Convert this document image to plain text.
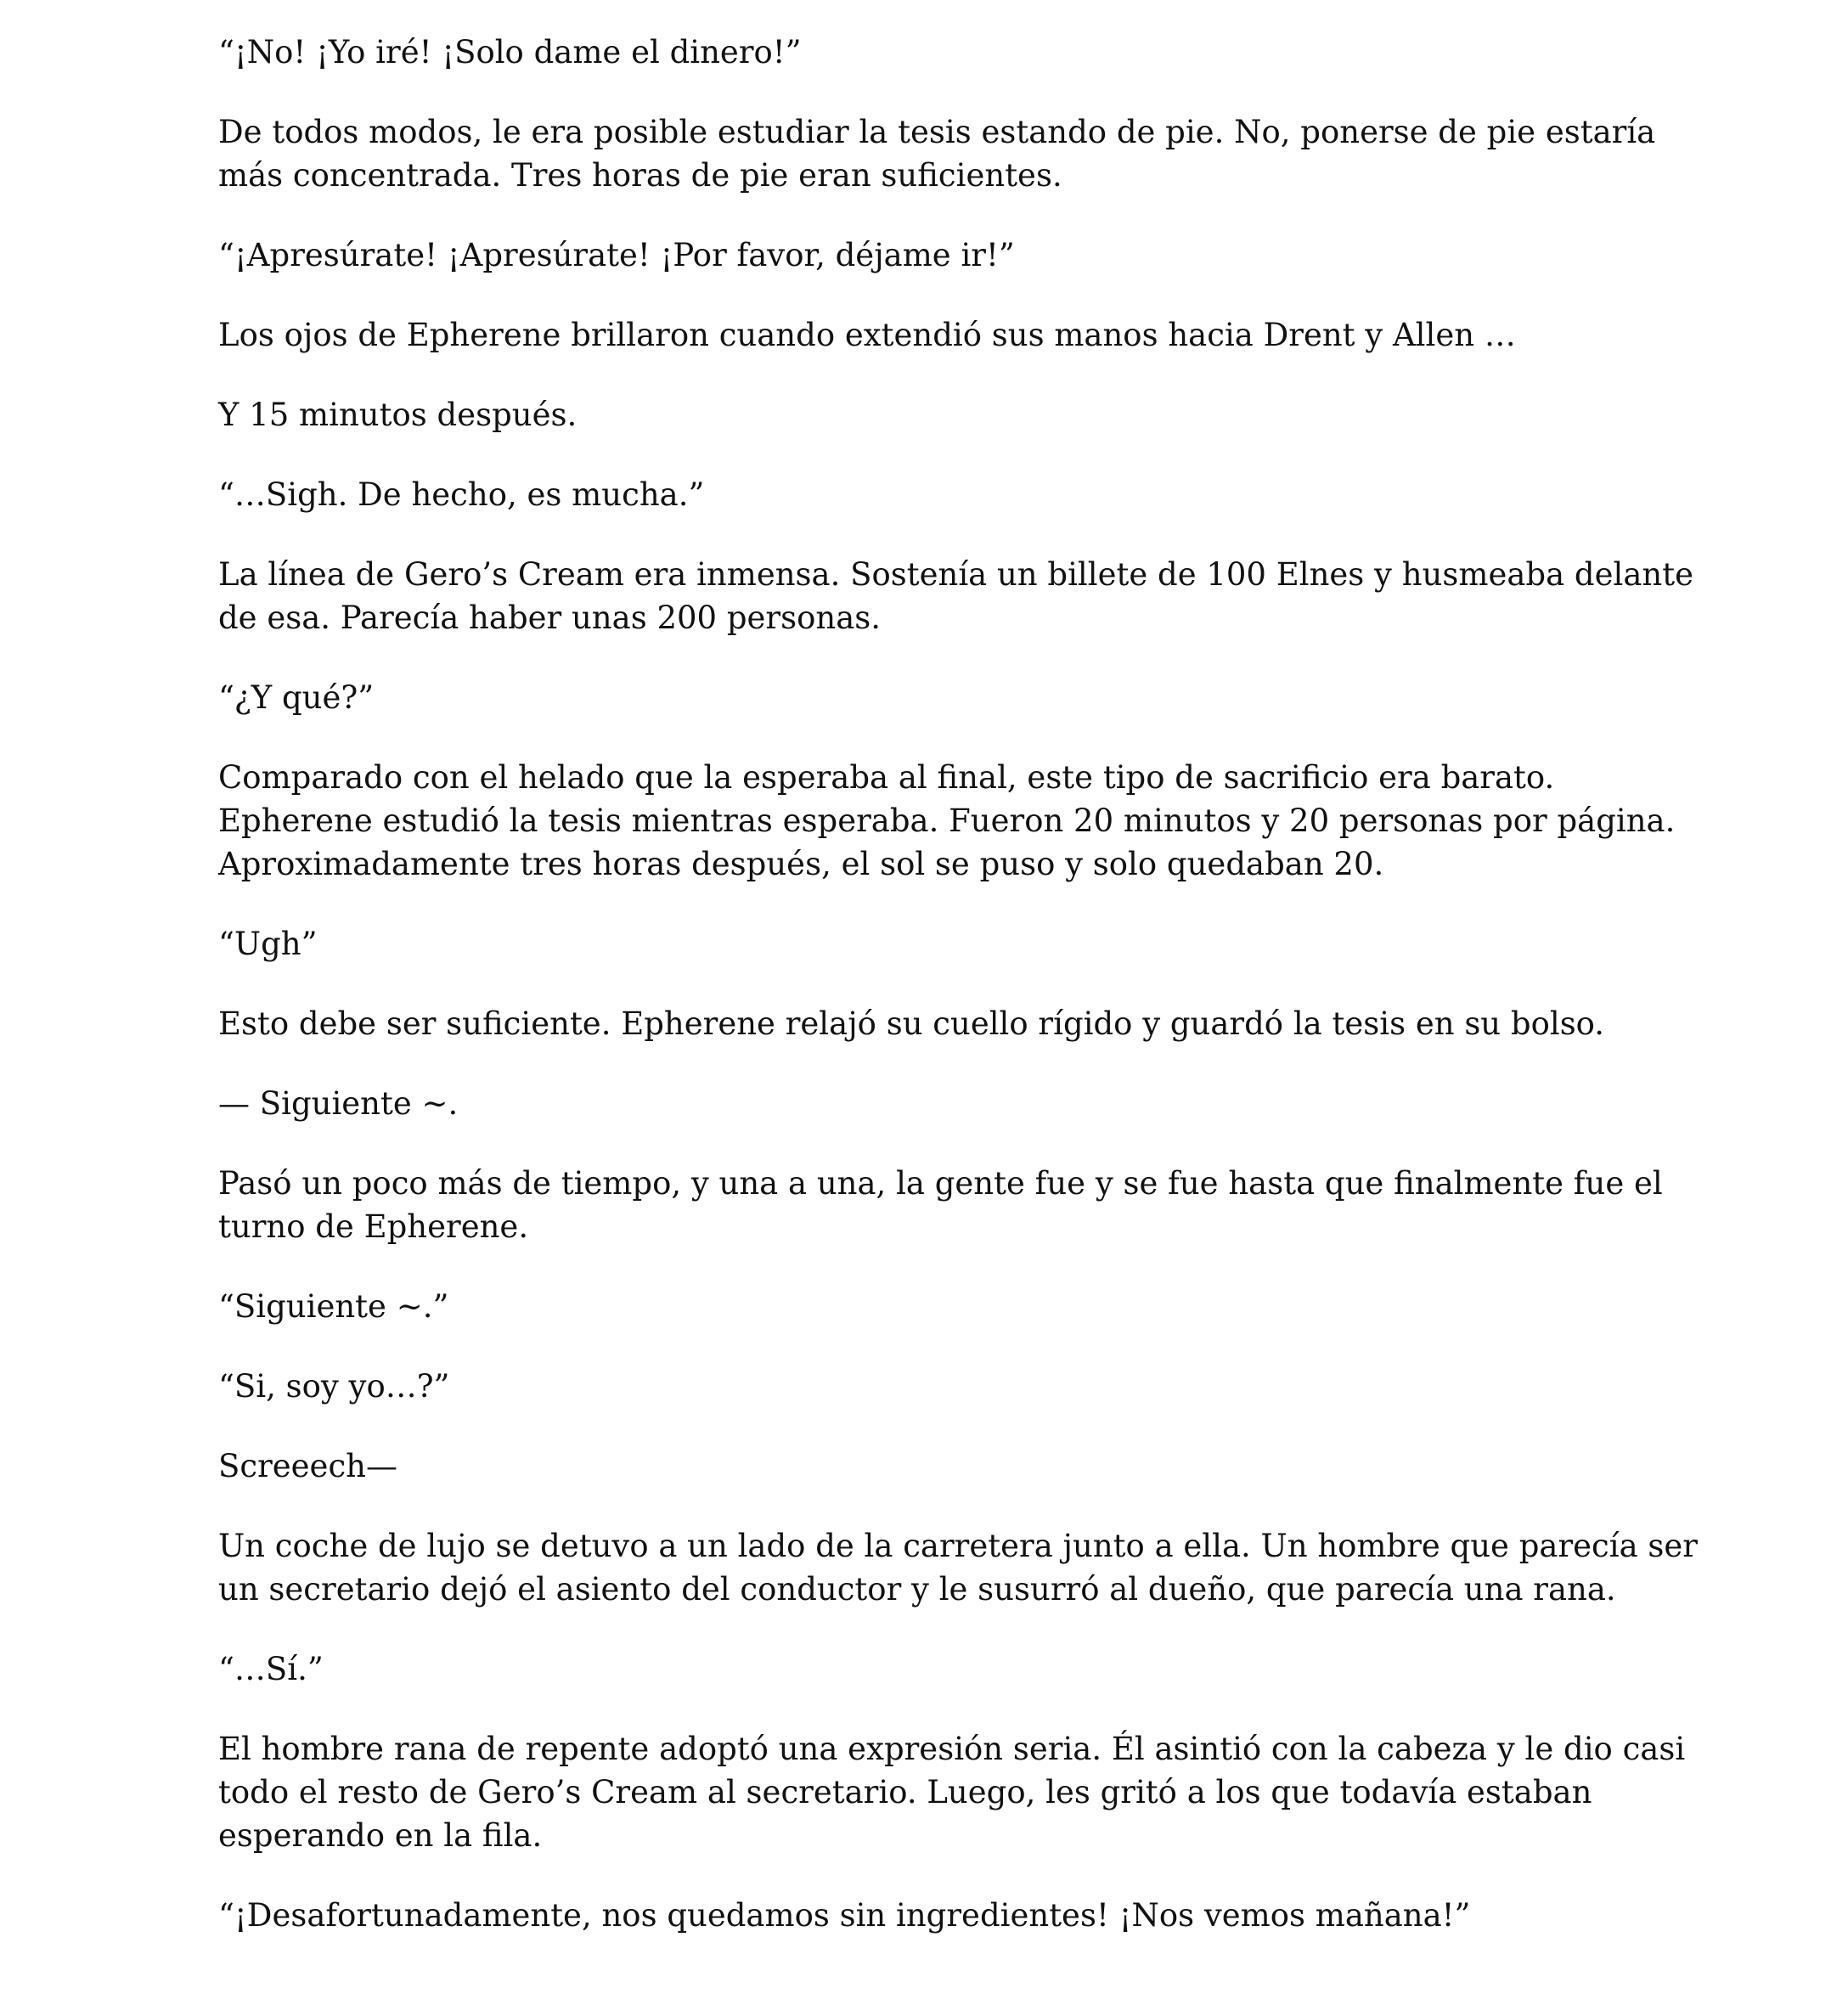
“¡No! ¡Yo iré! ¡Solo dame el dinero!”

De todos modos, le era posible estudiar la tesis estando de pie. No, ponerse de pie estaría
más concentrada. Tres horas de pie eran suficientes.

“¡Apresúrate! ¡Apresúrate! ¡Por favor, déjame ir!”

Los ojos de Epherene brillaron cuando extendió sus manos hacia Drent y Allen …

Y 15 minutos después.

“…Sigh. De hecho, es mucha.”

La línea de Gero’s Cream era inmensa. Sostenía un billete de 100 Elnes y husmeaba delante
de esa. Parecía haber unas 200 personas.

“¿Y qué?”

Comparado con el helado que la esperaba al final, este tipo de sacrificio era barato.
Epherene estudió la tesis mientras esperaba. Fueron 20 minutos y 20 personas por página.
Aproximadamente tres horas después, el sol se puso y solo quedaban 20.

“Ugh”

Esto debe ser suficiente. Epherene relajó su cuello rígido y guardó la tesis en su bolso.

— Siguiente ~.

Pasó un poco más de tiempo, y una a una, la gente fue y se fue hasta que finalmente fue el
turno de Epherene.

“Siguiente ~.”

“Si, soy yo…?”

Screeech—

Un coche de lujo se detuvo a un lado de la carretera junto a ella. Un hombre que parecía ser
un secretario dejó el asiento del conductor y le susurró al dueño, que parecía una rana.

“…Sí.”

El hombre rana de repente adoptó una expresión seria. Él asintió con la cabeza y le dio casi
todo el resto de Gero’s Cream al secretario. Luego, les gritó a los que todavía estaban
esperando en la fila.

“¡Desafortunadamente, nos quedamos sin ingredientes! ¡Nos vemos mañana!”
